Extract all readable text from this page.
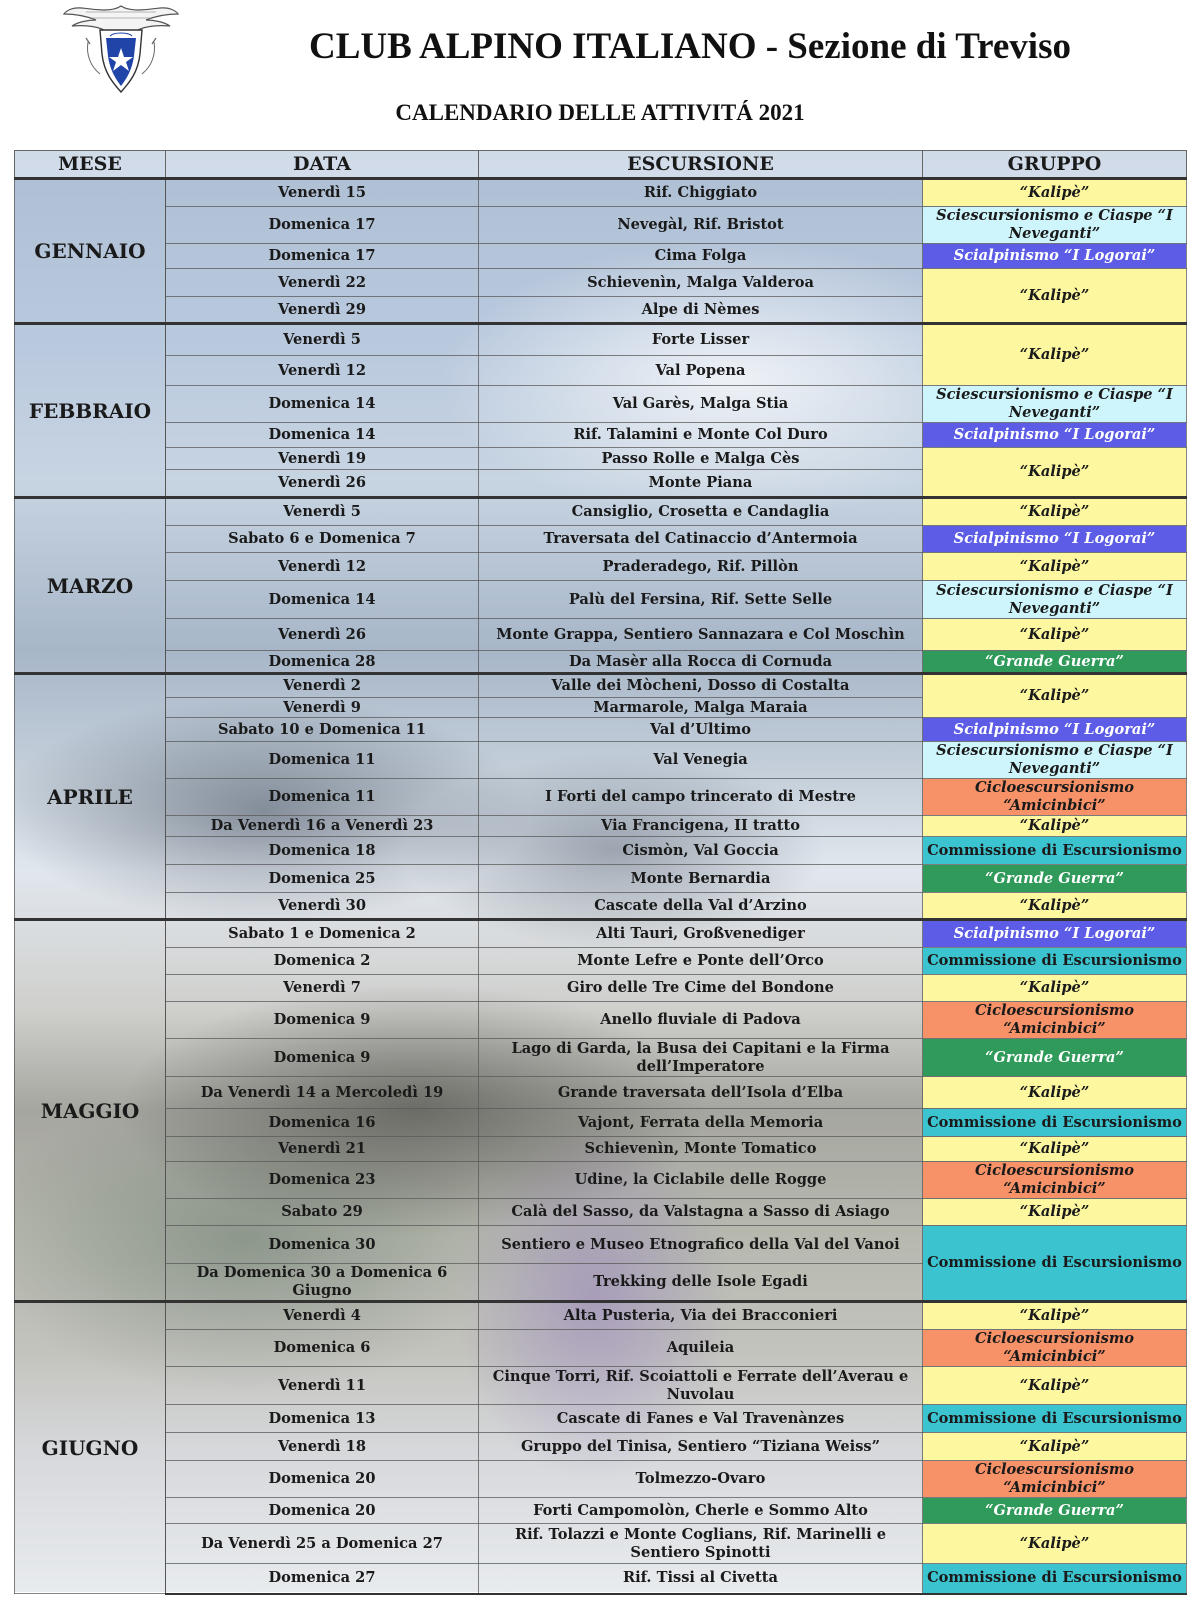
CLUB ALPINO ITALIANO - Sezione di Treviso
CALENDARIO DELLE ATTIVITÁ 2021
MESE	DATA	ESCURSIONE	GRUPPO
GENNAIO	Venerdì 15	Rif. Chiggiato	“Kalipè”
	Domenica 17	Nevegàl, Rif. Bristot	Sciescursionismo e Ciaspe “I Neveganti”
	Domenica 17	Cima Folga	Scialpinismo “I Logorai”
	Venerdì 22	Schievenìn, Malga Valderoa	“Kalipè”
	Venerdì 29	Alpe di Nèmes	
FEBBRAIO	Venerdì 5	Forte Lisser	“Kalipè”
	Venerdì 12	Val Popena	
	Domenica 14	Val Garès, Malga Stia	Sciescursionismo e Ciaspe “I Neveganti”
	Domenica 14	Rif. Talamini e Monte Col Duro	Scialpinismo “I Logorai”
	Venerdì 19	Passo Rolle e Malga Cès	“Kalipè”
	Venerdì 26	Monte Piana	
MARZO	Venerdì 5	Cansiglio, Crosetta e Candaglia	“Kalipè”
	Sabato 6 e Domenica 7	Traversata del Catinaccio d’Antermoia	Scialpinismo “I Logorai”
	Venerdì 12	Praderadego, Rif. Pillòn	“Kalipè”
	Domenica 14	Palù del Fersina, Rif. Sette Selle	Sciescursionismo e Ciaspe “I Neveganti”
	Venerdì 26	Monte Grappa, Sentiero Sannazara e Col Moschìn	“Kalipè”
	Domenica 28	Da Masèr alla Rocca di Cornuda	“Grande Guerra”
APRILE	Venerdì 2	Valle dei Mòcheni, Dosso di Costalta	“Kalipè”
	Venerdì 9	Marmarole, Malga Maraia	
	Sabato 10 e Domenica 11	Val d’Ultimo	Scialpinismo “I Logorai”
	Domenica 11	Val Venegia	Sciescursionismo e Ciaspe “I Neveganti”
	Domenica 11	I Forti del campo trincerato di Mestre	Cicloescursionismo “Amicinbici”
	Da Venerdì 16 a Venerdì 23	Via Francigena, II tratto	“Kalipè”
	Domenica 18	Cismòn, Val Goccia	Commissione di Escursionismo
	Domenica 25	Monte Bernardia	“Grande Guerra”
	Venerdì 30	Cascate della Val d’Arzino	“Kalipè”
MAGGIO	Sabato 1 e Domenica 2	Alti Tauri, Großvenediger	Scialpinismo “I Logorai”
	Domenica 2	Monte Lefre e Ponte dell’Orco	Commissione di Escursionismo
	Venerdì 7	Giro delle Tre Cime del Bondone	“Kalipè”
	Domenica 9	Anello fluviale di Padova	Cicloescursionismo “Amicinbici”
	Domenica 9	Lago di Garda, la Busa dei Capitani e la Firma dell’Imperatore	“Grande Guerra”
	Da Venerdì 14 a Mercoledì 19	Grande traversata dell’Isola d’Elba	“Kalipè”
	Domenica 16	Vajont, Ferrata della Memoria	Commissione di Escursionismo
	Venerdì 21	Schievenìn, Monte Tomatico	“Kalipè”
	Domenica 23	Udine, la Ciclabile delle Rogge	Cicloescursionismo “Amicinbici”
	Sabato 29	Calà del Sasso, da Valstagna a Sasso di Asiago	“Kalipè”
	Domenica 30	Sentiero e Museo Etnografico della Val del Vanoi	Commissione di Escursionismo
	Da Domenica 30 a Domenica 6 Giugno	Trekking delle Isole Egadi	
GIUGNO	Venerdì 4	Alta Pusteria, Via dei Bracconieri	“Kalipè”
	Domenica 6	Aquileia	Cicloescursionismo “Amicinbici”
	Venerdì 11	Cinque Torri, Rif. Scoiattoli e Ferrate dell’Averau e Nuvolau	“Kalipè”
	Domenica 13	Cascate di Fanes e Val Travenànzes	Commissione di Escursionismo
	Venerdì 18	Gruppo del Tinisa, Sentiero “Tiziana Weiss”	“Kalipè”
	Domenica 20	Tolmezzo-Ovaro	Cicloescursionismo “Amicinbici”
	Domenica 20	Forti Campomolòn, Cherle e Sommo Alto	“Grande Guerra”
	Da Venerdì 25 a Domenica 27	Rif. Tolazzi e Monte Coglians, Rif. Marinelli e Sentiero Spinotti	“Kalipè”
	Domenica 27	Rif. Tissi al Civetta	Commissione di Escursionismo
